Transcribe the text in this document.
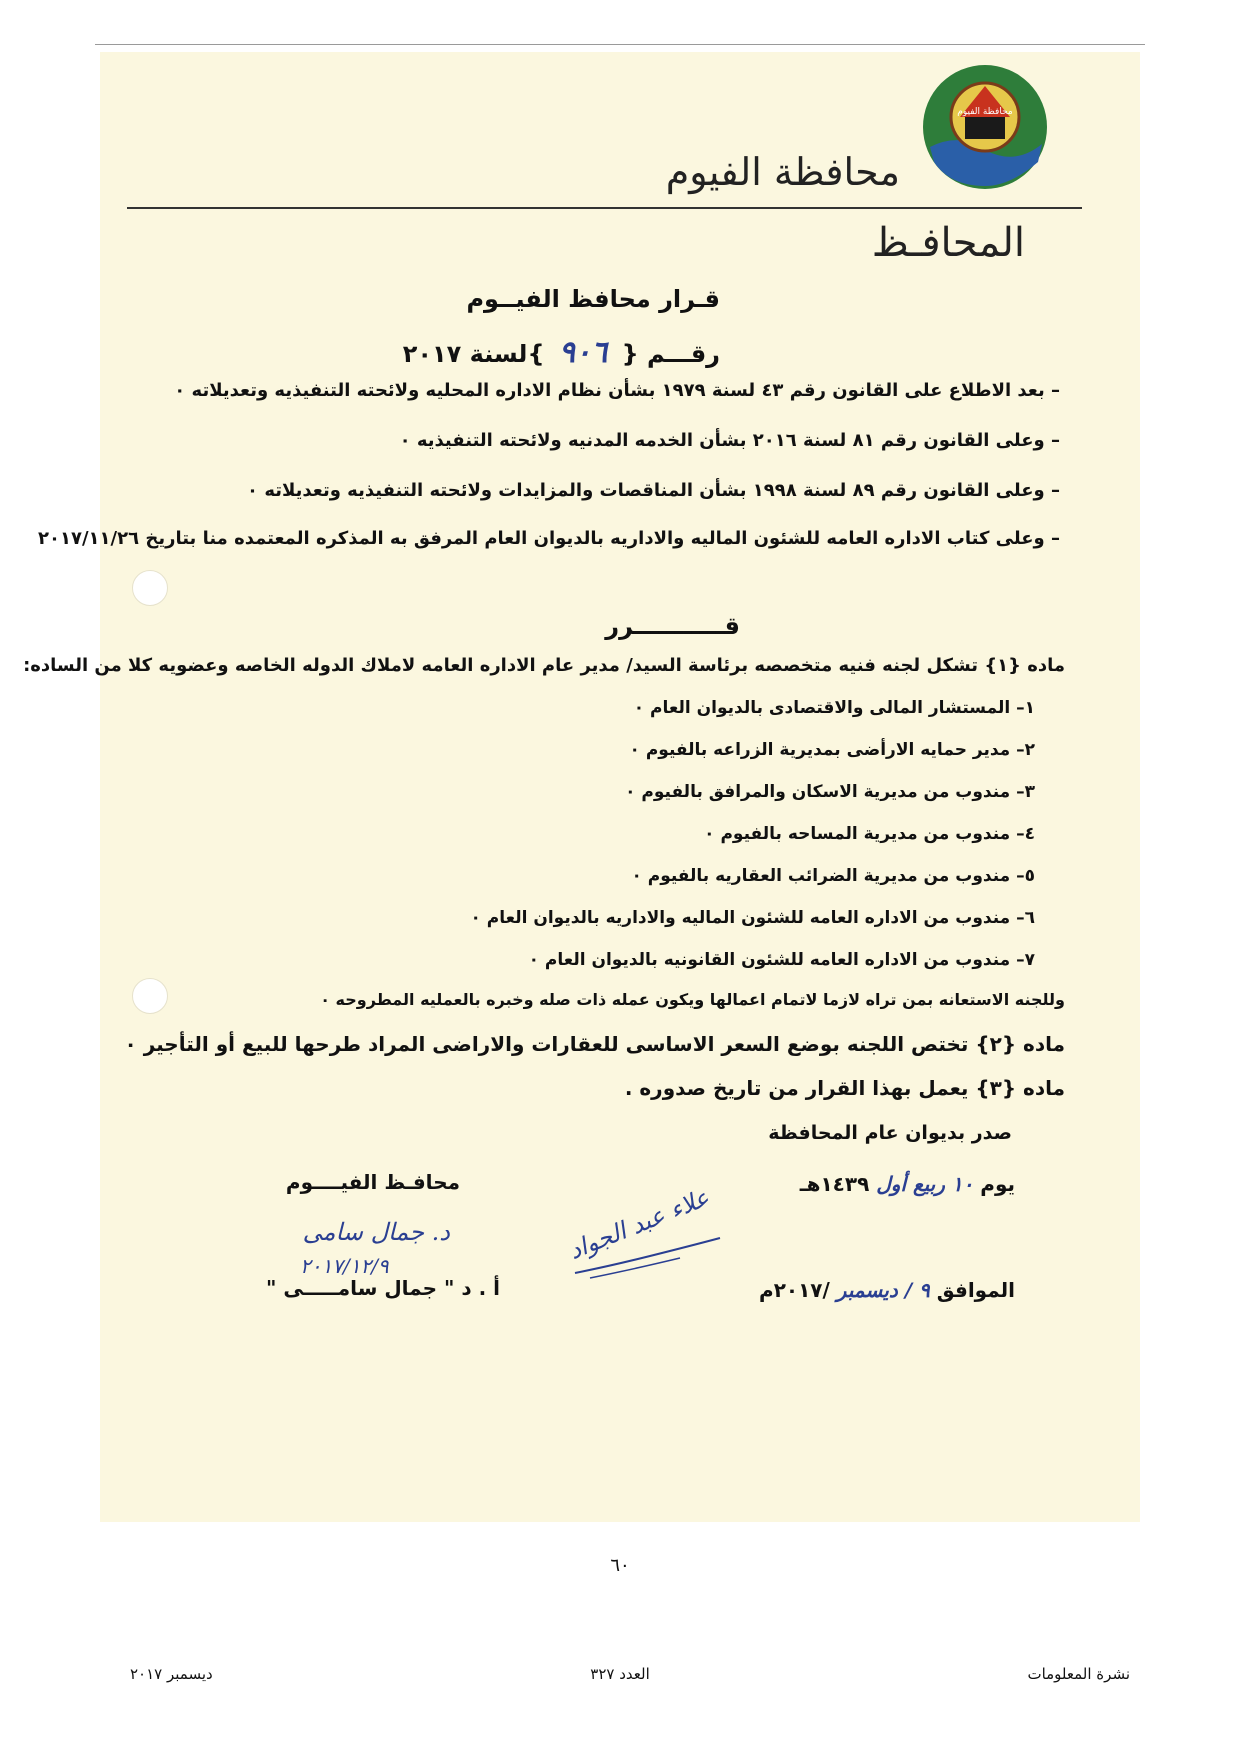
محافظة الفيوم
محافظة الفيوم
المحافـظ
قـرار محافظ الفيــوم
رقـــم { ٩٠٦ }لسنة ٢٠١٧
– بعد الاطلاع على القانون رقم ٤٣ لسنة ١٩٧٩ بشأن نظام الاداره المحليه ولائحته التنفيذيه وتعديلاته ٠
– وعلى القانون رقم ٨١ لسنة ٢٠١٦ بشأن الخدمه المدنيه ولائحته التنفيذيه ٠
– وعلى القانون رقم ٨٩ لسنة ١٩٩٨ بشأن المناقصات والمزايدات ولائحته التنفيذيه وتعديلاته ٠
– وعلى كتاب الاداره العامه للشئون الماليه والاداريه بالديوان العام المرفق به المذكره المعتمده منا بتاريخ ٢٠١٧/١١/٢٦
قـــــــــــرر
ماده {١} تشكل لجنه فنيه متخصصه برئاسة السيد/ مدير عام الاداره العامه لاملاك الدوله الخاصه وعضويه كلا من الساده:
١– المستشار المالى والاقتصادى بالديوان العام ٠
٢– مدير حمايه الارأضى بمديرية الزراعه بالفيوم ٠
٣– مندوب من مديرية الاسكان والمرافق بالفيوم ٠
٤– مندوب من مديرية المساحه بالفيوم ٠
٥– مندوب من مديرية الضرائب العقاريه بالفيوم ٠
٦– مندوب من الاداره العامه للشئون الماليه والاداريه بالديوان العام ٠
٧– مندوب من الاداره العامه للشئون القانونيه بالديوان العام ٠
وللجنه الاستعانه بمن تراه لازما لاتمام اعمالها ويكون عمله ذات صله وخبره بالعمليه المطروحه ٠
ماده {٢} تختص اللجنه بوضع السعر الاساسى للعقارات والاراضى المراد طرحها للبيع أو التأجير ٠
ماده {٣} يعمل بهذا القرار من تاريخ صدوره .
صدر بديوان عام المحافظة
يوم ١٠ ربيع أول ١٤٣٩هـ
الموافق ٩ / ديسمبر /٢٠١٧م
محافـظ الفيــــوم
د. جمال سامى
٢٠١٧/١٢/٩
أ . د " جمال سامـــــى "
علاء عبد الجواد
٦٠
نشرة المعلومات
العدد ٣٢٧
ديسمبر ٢٠١٧
